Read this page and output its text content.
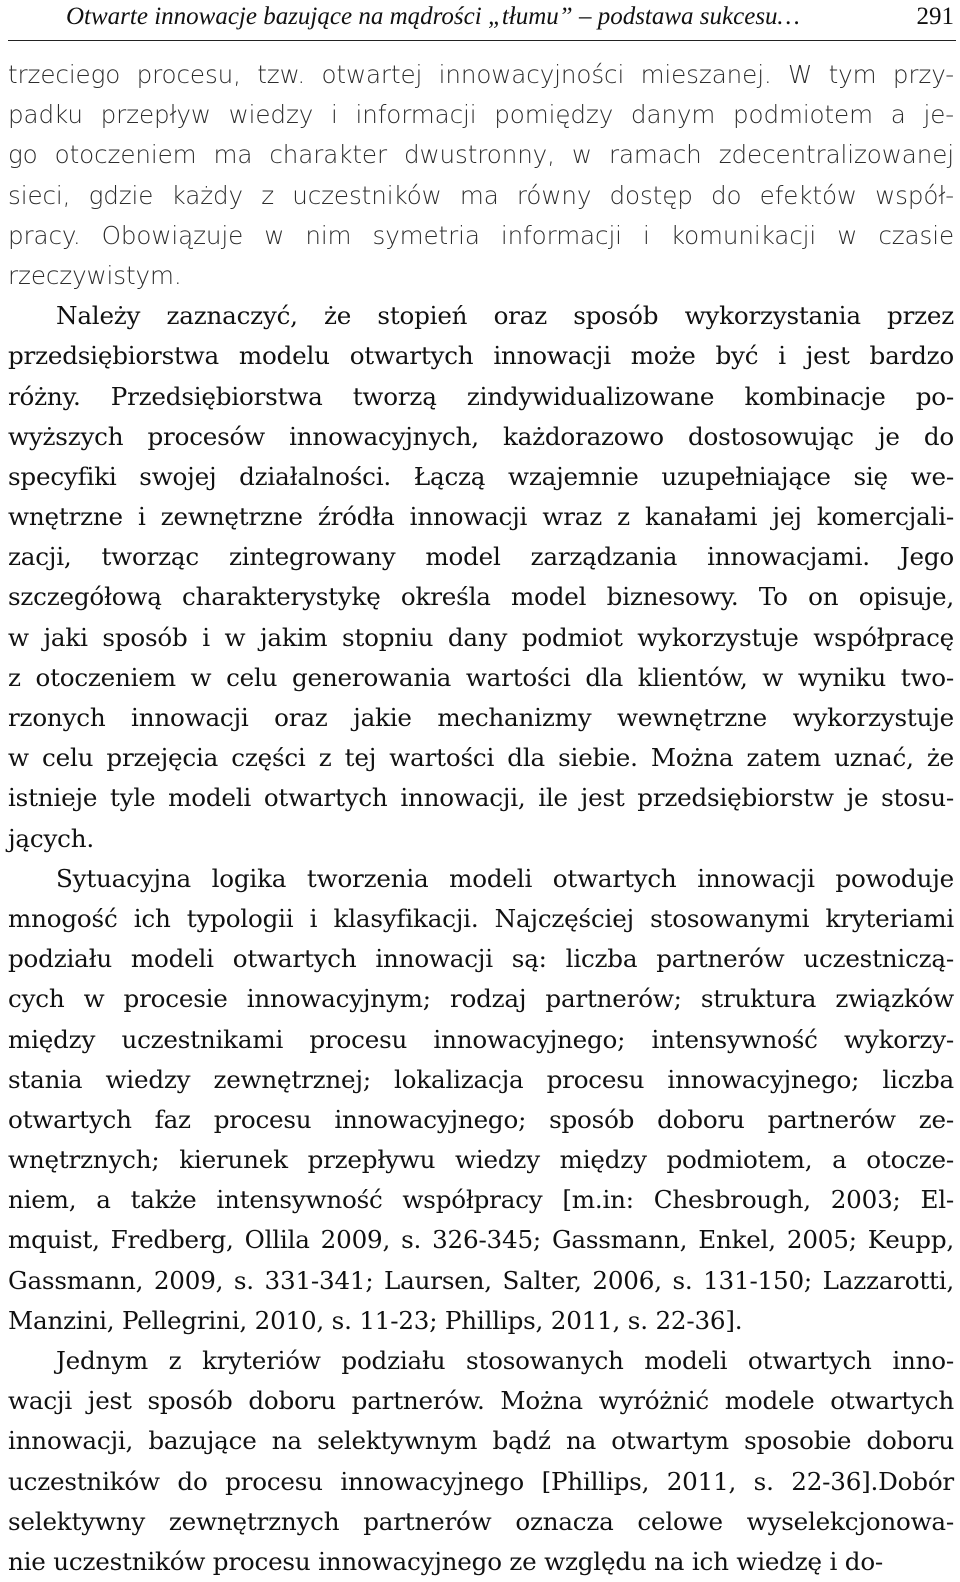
Otwarte innowacje bazujące na mądrości „tłumu” – podstawa sukcesu…	291

trzeciego procesu, tzw. otwartej innowacyjności mieszanej. W tym przy-
padku przepływ wiedzy i informacji pomiędzy danym podmiotem a je-
go otoczeniem ma charakter dwustronny, w ramach zdecentralizowanej
sieci, gdzie każdy z uczestników ma równy dostęp do efektów współ-
pracy. Obowiązuje w nim symetria informacji i komunikacji w czasie
rzeczywistym.

Należy zaznaczyć, że stopień oraz sposób wykorzystania przez
przedsiębiorstwa modelu otwartych innowacji może być i jest bardzo
różny. Przedsiębiorstwa tworzą zindywidualizowane kombinacje po-
wyższych procesów innowacyjnych, każdorazowo dostosowując je do
specyfiki swojej działalności. Łączą wzajemnie uzupełniające się we-
wnętrzne i zewnętrzne źródła innowacji wraz z kanałami jej komercjali-
zacji, tworząc zintegrowany model zarządzania innowacjami. Jego
szczegółową charakterystykę określa model biznesowy. To on opisuje,
w jaki sposób i w jakim stopniu dany podmiot wykorzystuje współpracę
z otoczeniem w celu generowania wartości dla klientów, w wyniku two-
rzonych innowacji oraz jakie mechanizmy wewnętrzne wykorzystuje
w celu przejęcia części z tej wartości dla siebie. Można zatem uznać, że
istnieje tyle modeli otwartych innowacji, ile jest przedsiębiorstw je stosu-
jących.

Sytuacyjna logika tworzenia modeli otwartych innowacji powoduje
mnogość ich typologii i klasyfikacji. Najczęściej stosowanymi kryteriami
podziału modeli otwartych innowacji są: liczba partnerów uczestniczą-
cych w procesie innowacyjnym; rodzaj partnerów; struktura związków
między uczestnikami procesu innowacyjnego; intensywność wykorzy-
stania wiedzy zewnętrznej; lokalizacja procesu innowacyjnego; liczba
otwartych faz procesu innowacyjnego; sposób doboru partnerów ze-
wnętrznych; kierunek przepływu wiedzy między podmiotem, a otocze-
niem, a także intensywność współpracy [m.in: Chesbrough, 2003; El-
mquist, Fredberg, Ollila 2009, s. 326-345; Gassmann, Enkel, 2005; Keupp,
Gassmann, 2009, s. 331-341; Laursen, Salter, 2006, s. 131-150; Lazzarotti,
Manzini, Pellegrini, 2010, s. 11-23; Phillips, 2011, s. 22-36].

Jednym z kryteriów podziału stosowanych modeli otwartych inno-
wacji jest sposób doboru partnerów. Można wyróżnić modele otwartych
innowacji, bazujące na selektywnym bądź na otwartym sposobie doboru
uczestników do procesu innowacyjnego [Phillips, 2011, s. 22-36].Dobór
selektywny zewnętrznych partnerów oznacza celowe wyselekcjonowa-
nie uczestników procesu innowacyjnego ze względu na ich wiedzę i do-
